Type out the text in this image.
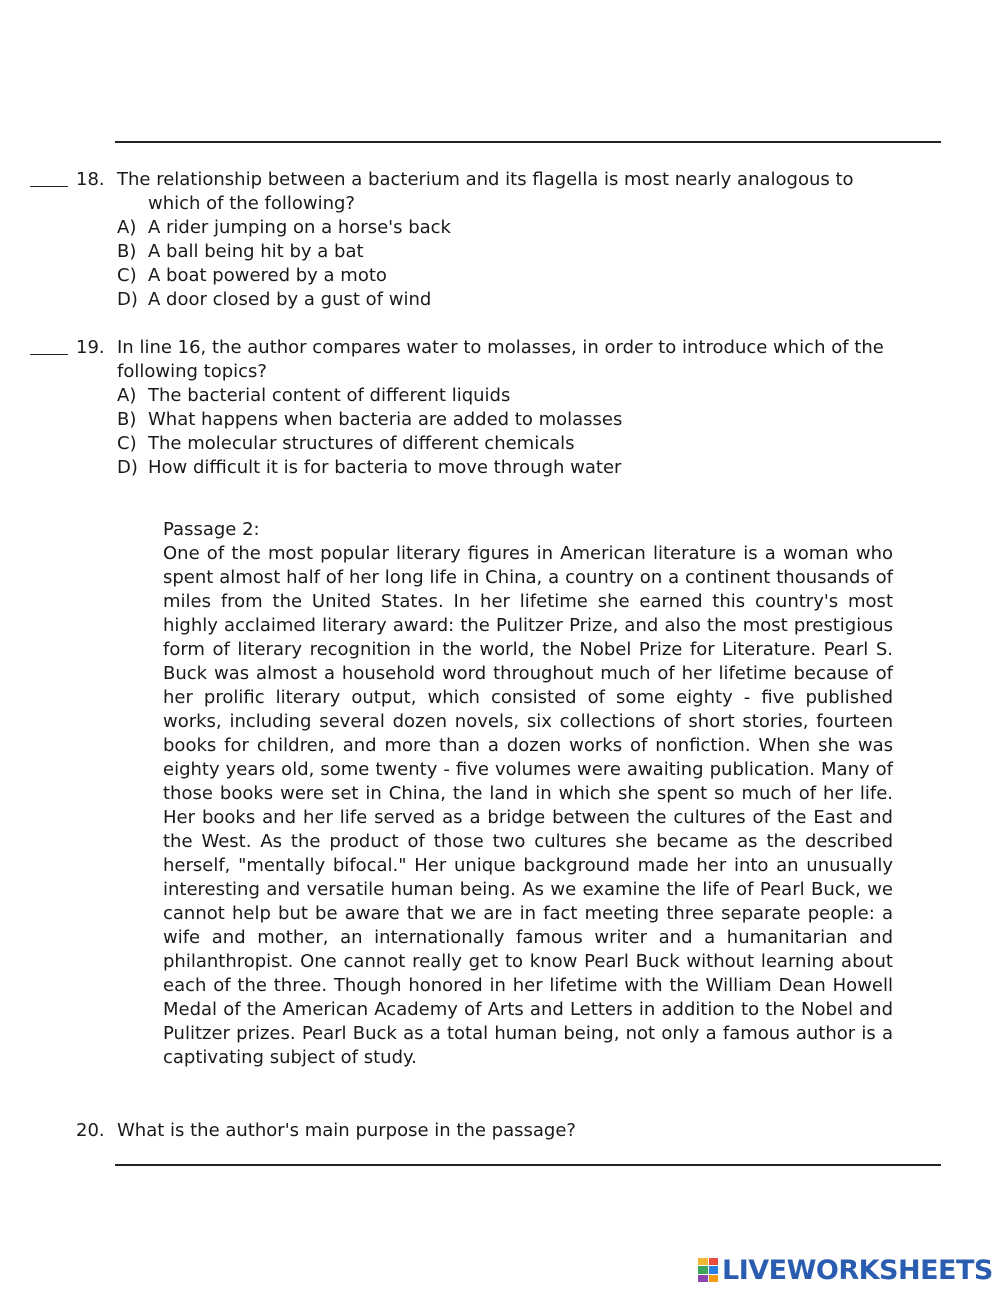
18. The relationship between a bacterium and its flagella is most nearly analogous to
which of the following?
A) A rider jumping on a horse's back
B) A ball being hit by a bat
C) A boat powered by a moto
D) A door closed by a gust of wind
19. In line 16, the author compares water to molasses, in order to introduce which of the
following topics?
A) The bacterial content of different liquids
B) What happens when bacteria are added to molasses
C) The molecular structures of different chemicals
D) How difficult it is for bacteria to move through water
Passage 2:
One of the most popular literary figures in American literature is a woman who spent almost half of her long life in China, a country on a continent thousands of miles from the United States. In her lifetime she earned this country's most highly acclaimed literary award: the Pulitzer Prize, and also the most prestigious form of literary recognition in the world, the Nobel Prize for Literature. Pearl S. Buck was almost a household word throughout much of her lifetime because of her prolific literary output, which consisted of some eighty - five published works, including several dozen novels, six collections of short stories, fourteen books for children, and more than a dozen works of nonfiction. When she was eighty years old, some twenty - five volumes were awaiting publication. Many of those books were set in China, the land in which she spent so much of her life. Her books and her life served as a bridge between the cultures of the East and the West. As the product of those two cultures she became as the described herself, "mentally bifocal." Her unique background made her into an unusually interesting and versatile human being. As we examine the life of Pearl Buck, we cannot help but be aware that we are in fact meeting three separate people: a wife and mother, an internationally famous writer and a humanitarian and philanthropist. One cannot really get to know Pearl Buck without learning about each of the three. Though honored in her lifetime with the William Dean Howell Medal of the American Academy of Arts and Letters in addition to the Nobel and Pulitzer prizes. Pearl Buck as a total human being, not only a famous author is a captivating subject of study.
20. What is the author's main purpose in the passage?
LIVEWORKSHEETS
